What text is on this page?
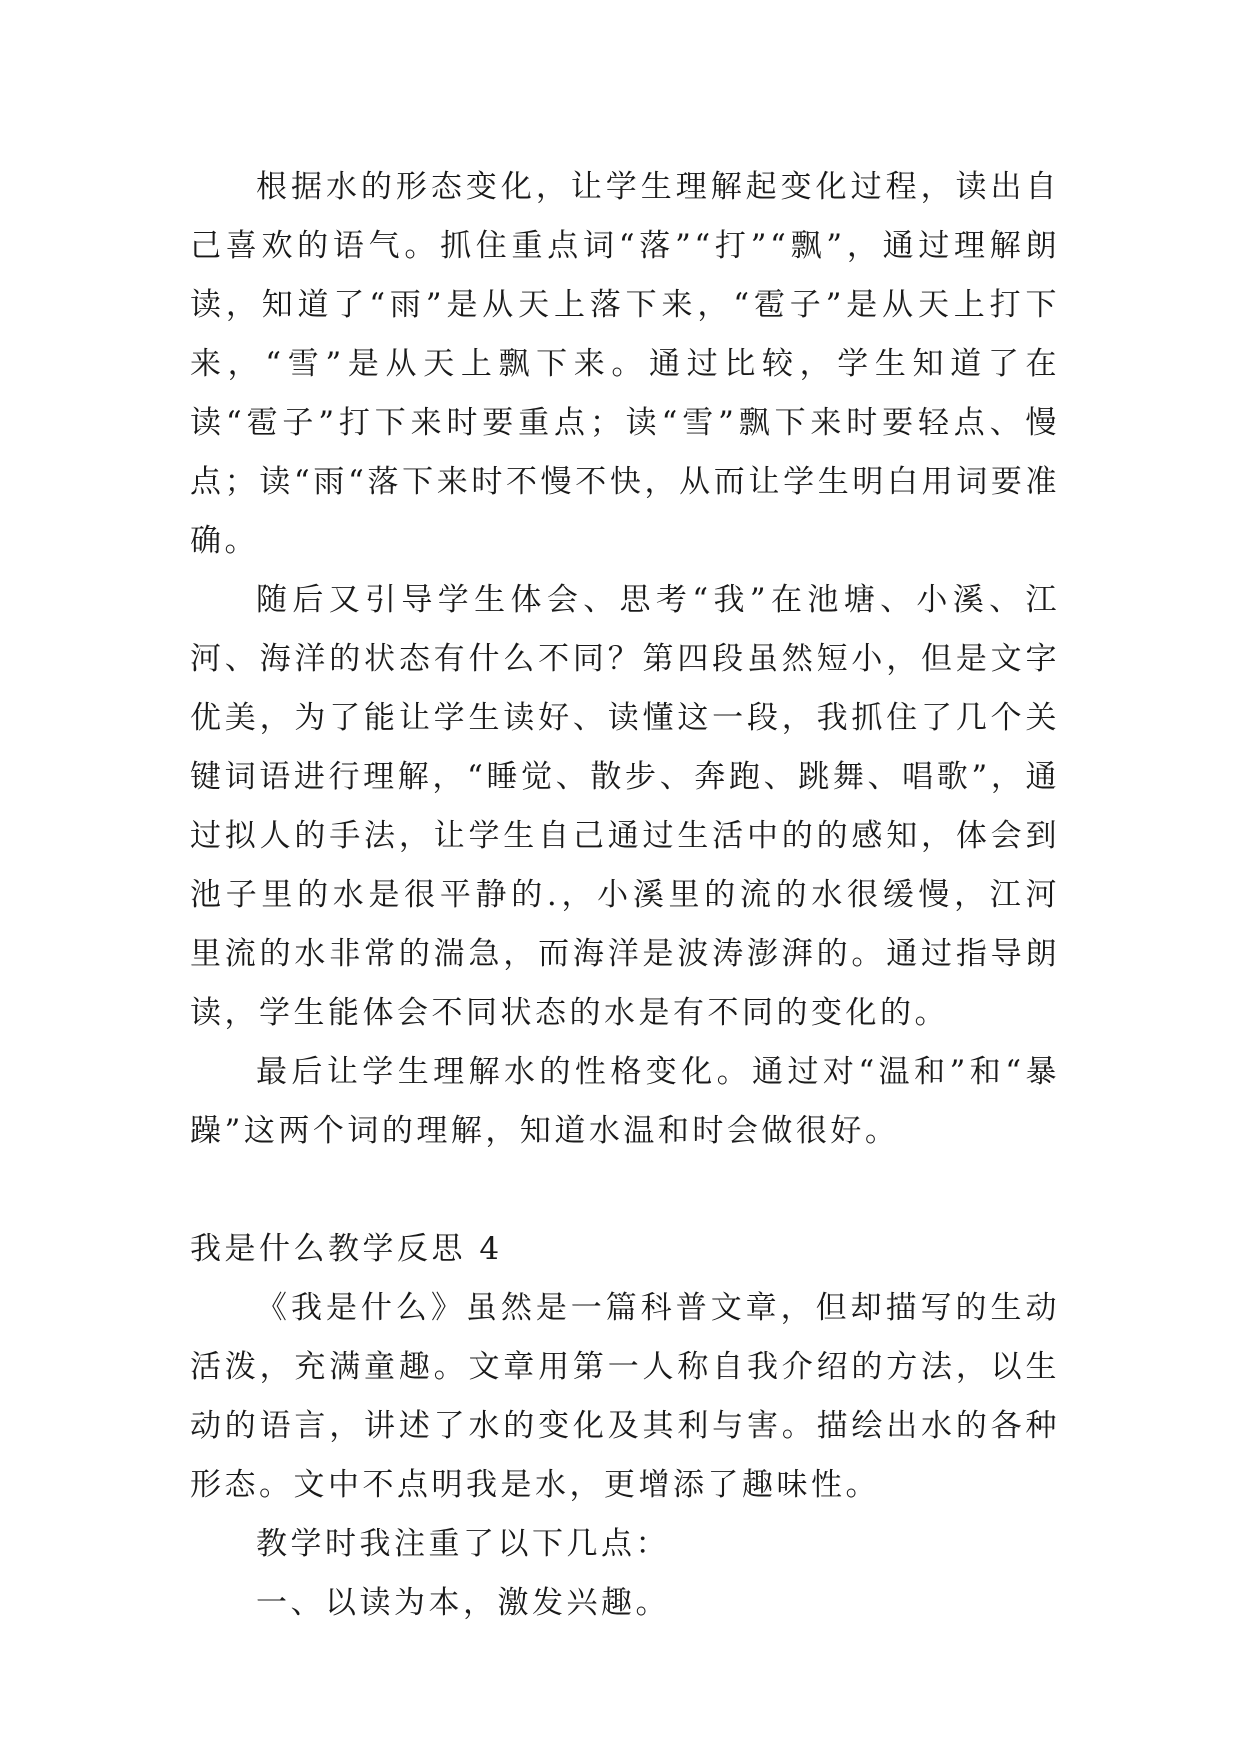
根据水的形态变化，让学生理解起变化过程，读出自己喜欢的语气。抓住重点词“落”“打”“飘”，通过理解朗读，知道了“雨”是从天上落下来，“雹子”是从天上打下来，“雪”是从天上飘下来。通过比较，学生知道了在读“雹子”打下来时要重点；读“雪”飘下来时要轻点、慢点；读“雨“落下来时不慢不快，从而让学生明白用词要准确。

随后又引导学生体会、思考“我”在池塘、小溪、江河、海洋的状态有什么不同？第四段虽然短小，但是文字优美，为了能让学生读好、读懂这一段，我抓住了几个关键词语进行理解，“睡觉、散步、奔跑、跳舞、唱歌”，通过拟人的手法，让学生自己通过生活中的的感知，体会到池子里的水是很平静的.，小溪里的流的水很缓慢，江河里流的水非常的湍急，而海洋是波涛澎湃的。通过指导朗读，学生能体会不同状态的水是有不同的变化的。

最后让学生理解水的性格变化。通过对“温和”和“暴躁”这两个词的理解，知道水温和时会做很好。

我是什么教学反思 4

《我是什么》虽然是一篇科普文章，但却描写的生动活泼，充满童趣。文章用第一人称自我介绍的方法，以生动的语言，讲述了水的变化及其利与害。描绘出水的各种形态。文中不点明我是水，更增添了趣味性。

教学时我注重了以下几点：

一、以读为本，激发兴趣。
